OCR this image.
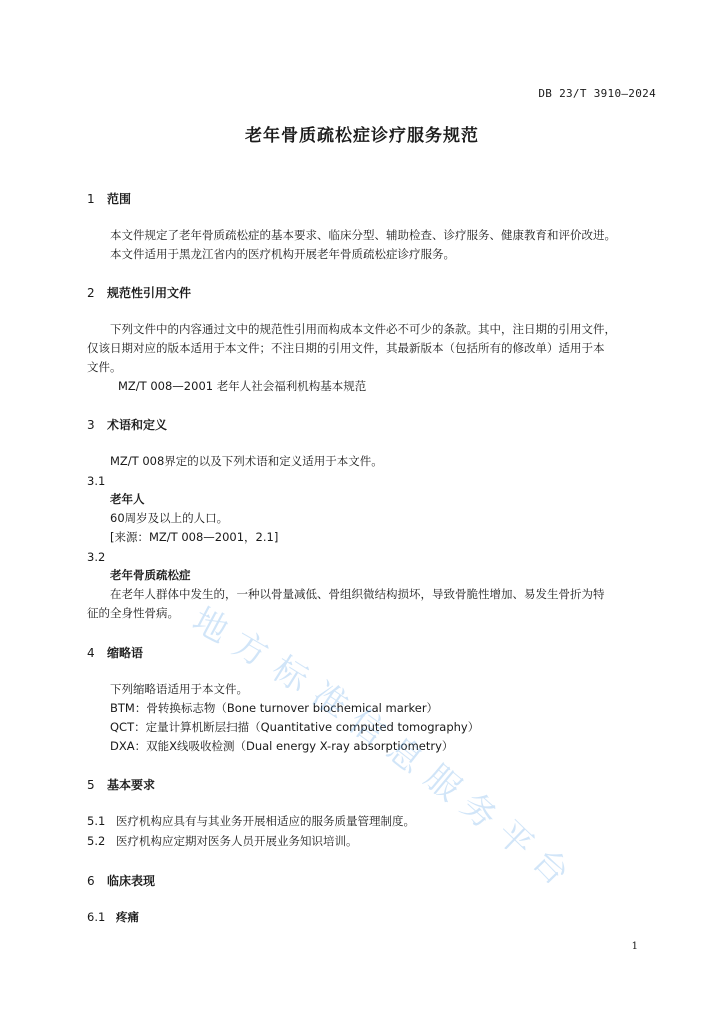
DB 23/T 3910—2024
老年骨质疏松症诊疗服务规范
1 范围
本文件规定了老年骨质疏松症的基本要求、临床分型、辅助检查、诊疗服务、健康教育和评价改进。
本文件适用于黑龙江省内的医疗机构开展老年骨质疏松症诊疗服务。
2 规范性引用文件
下列文件中的内容通过文中的规范性引用而构成本文件必不可少的条款。其中，注日期的引用文件，
仅该日期对应的版本适用于本文件；不注日期的引用文件，其最新版本（包括所有的修改单）适用于本
文件。
MZ/T 008—2001 老年人社会福利机构基本规范
3 术语和定义
MZ/T 008界定的以及下列术语和定义适用于本文件。
3.1
老年人
60周岁及以上的人口。
[来源：MZ/T 008—2001，2.1]
3.2
老年骨质疏松症
在老年人群体中发生的，一种以骨量减低、骨组织微结构损坏，导致骨脆性增加、易发生骨折为特
征的全身性骨病。
4 缩略语
下列缩略语适用于本文件。
BTM：骨转换标志物（Bone turnover biochemical marker）
QCT：定量计算机断层扫描（Quantitative computed tomography）
DXA：双能X线吸收检测（Dual energy X-ray absorptiometry）
5 基本要求
5.1 医疗机构应具有与其业务开展相适应的服务质量管理制度。
5.2 医疗机构应定期对医务人员开展业务知识培训。
6 临床表现
6.1 疼痛
地
方
标
准
信
息
服
务
平
台
1
